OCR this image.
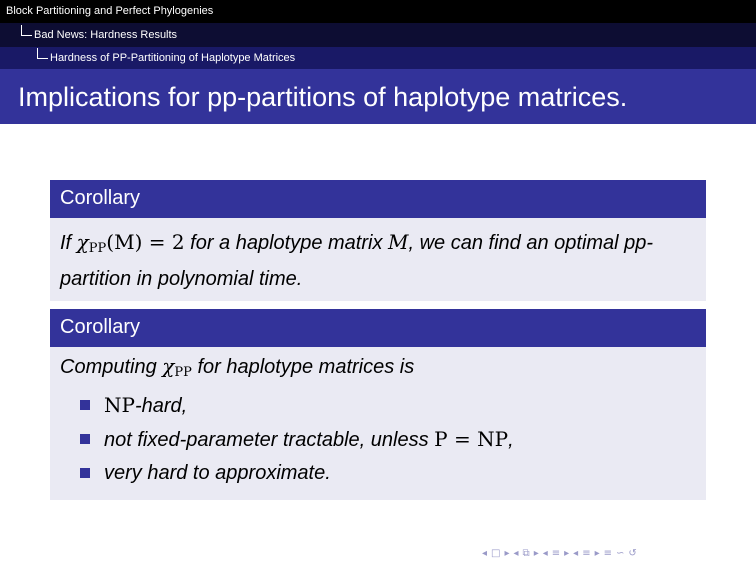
Block Partitioning and Perfect Phylogenies
Bad News: Hardness Results
Hardness of PP-Partitioning of Haplotype Matrices
Implications for pp-partitions of haplotype matrices.
Corollary
If $\chi_{PP}(M) = 2$ for a haplotype matrix M, we can find an optimal pp-partition in polynomial time.
Corollary
Computing $\chi_{PP}$ for haplotype matrices is
NP-hard,
not fixed-parameter tractable, unless P = NP,
very hard to approximate.
◂ □ ▸ ◂ ⧉ ▸ ◂ ≡ ▸ ◂ ≡ ▸ ≡ ∽ ↺
